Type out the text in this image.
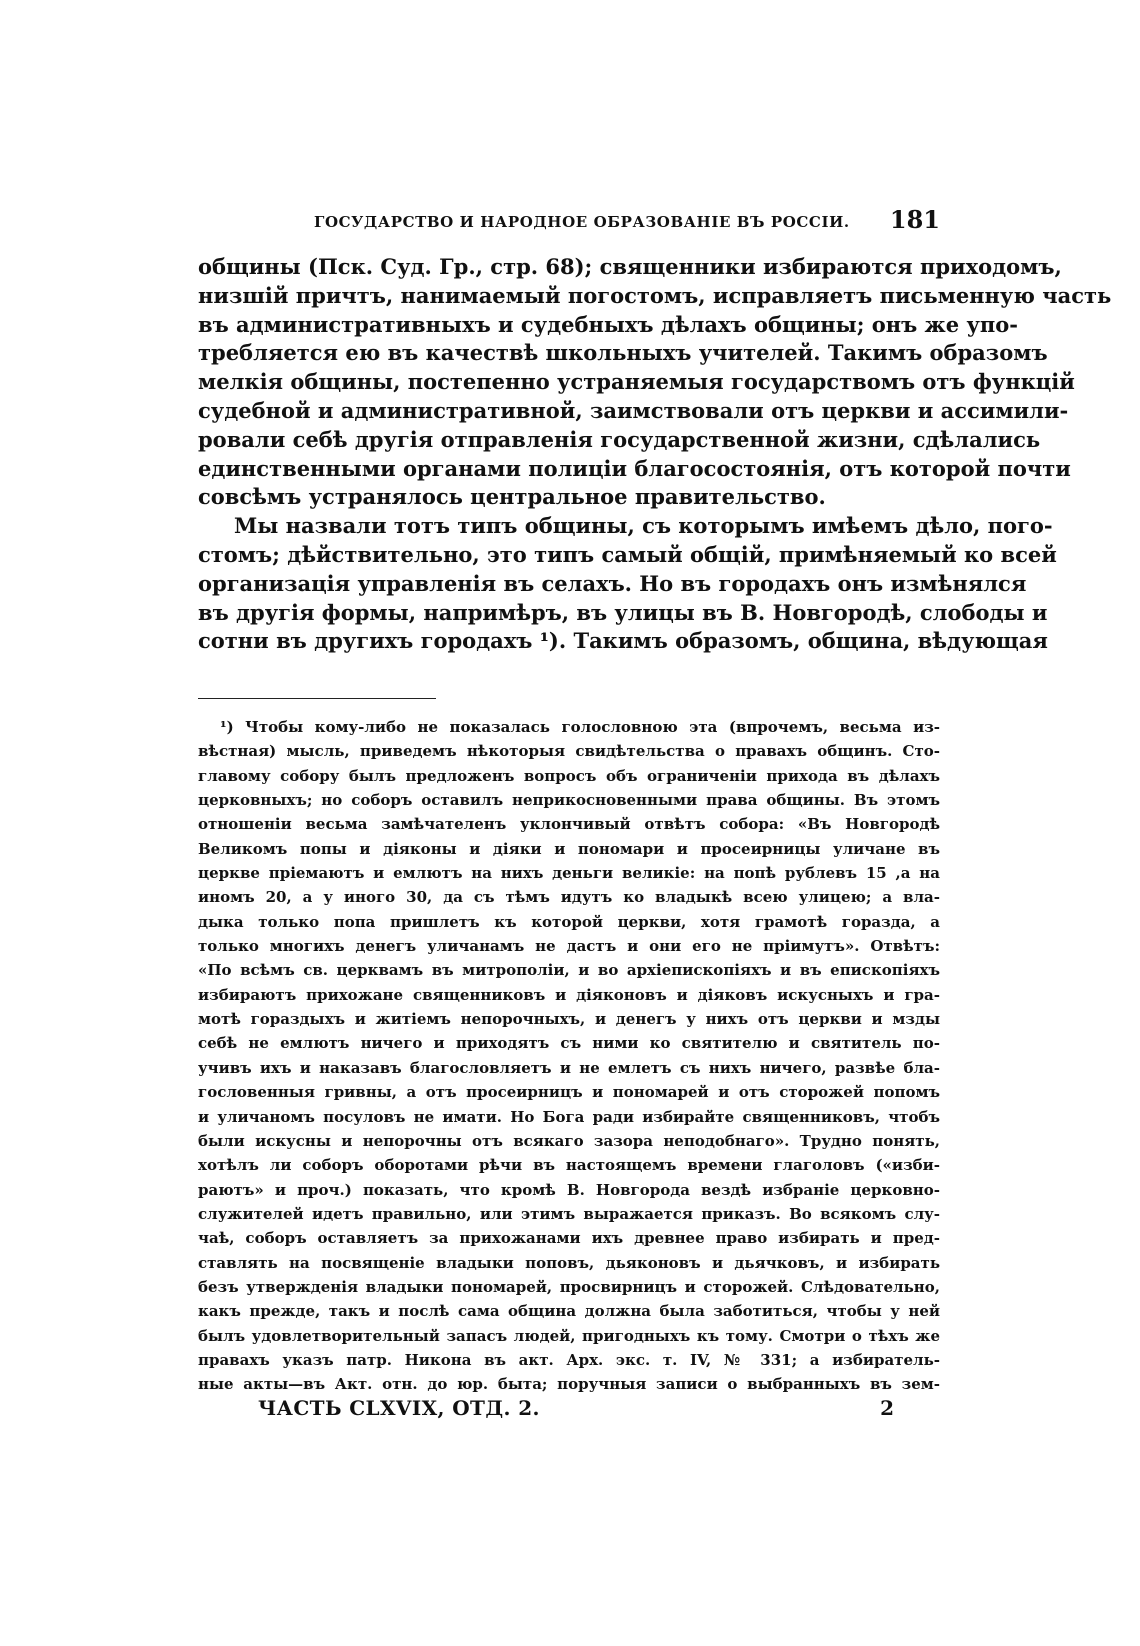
ГОСУДАРСТВО И НАРОДНОЕ ОБРАЗОВАНІЕ ВЪ РОССІИ. 181
общины (Пск. Суд. Гр., стр. 68); священники избираются приходомъ,
низшій причтъ, нанимаемый погостомъ, исправляетъ письменную часть
въ административныхъ и судебныхъ дѣлахъ общины; онъ же упо-
требляется ею въ качествѣ школьныхъ учителей. Такимъ образомъ
мелкія общины, постепенно устраняемыя государствомъ отъ функцій
судебной и административной, заимствовали отъ церкви и ассимили-
ровали себѣ другія отправленія государственной жизни, сдѣлались
единственными органами полиціи благосостоянія, отъ которой почти
совсѣмъ устранялось центральное правительство.
Мы назвали тотъ типъ общины, съ которымъ имѣемъ дѣло, пого-
стомъ; дѣйствительно, это типъ самый общій, примѣняемый ко всей
организація управленія въ селахъ. Но въ городахъ онъ измѣнялся
въ другія формы, напримѣръ, въ улицы въ В. Новгородѣ, слободы и
сотни въ другихъ городахъ ¹). Такимъ образомъ, община, вѣдующая
¹) Чтобы кому-либо не показалась голословною эта (впрочемъ, весьма из-
вѣстная) мысль, приведемъ нѣкоторыя свидѣтельства о правахъ общинъ. Сто-
главому собору былъ предложенъ вопросъ объ ограниченіи прихода въ дѣлахъ
церковныхъ; но соборъ оставилъ неприкосновенными права общины. Въ этомъ
отношеніи весьма замѣчателенъ уклончивый отвѣтъ собора: «Въ Новгородѣ
Великомъ попы и діяконы и діяки и пономари и просеирницы уличане въ
церкве пріемаютъ и емлютъ на нихъ деньги великіе: на попѣ рублевъ 15 ,а на
иномъ 20, а у иного 30, да съ тѣмъ идутъ ко владыкѣ всею улицею; а вла-
дыка только попа пришлетъ къ которой церкви, хотя грамотѣ горазда, а
только многихъ денегъ уличанамъ не дастъ и они его не пріимутъ». Отвѣтъ:
«По всѣмъ св. церквамъ въ митрополіи, и во архіепископіяхъ и въ епископіяхъ
избираютъ прихожане священниковъ и діяконовъ и діяковъ искусныхъ и гра-
мотѣ гораздыхъ и житіемъ непорочныхъ, и денегъ у нихъ отъ церкви и мзды
себѣ не емлютъ ничего и приходятъ съ ними ко святителю и святитель по-
учивъ ихъ и наказавъ благословляетъ и не емлетъ съ нихъ ничего, развѣе бла-
гословенныя гривны, а отъ просеирницъ и пономарей и отъ сторожей попомъ
и уличаномъ посуловъ не имати. Но Бога ради избирайте священниковъ, чтобъ
были искусны и непорочны отъ всякаго зазора неподобнаго». Трудно понять,
хотѣлъ ли соборъ оборотами рѣчи въ настоящемъ времени глаголовъ («изби-
раютъ» и проч.) показать, что кромѣ В. Новгорода вездѣ избраніе церковно-
служителей идетъ правильно, или этимъ выражается приказъ. Во всякомъ слу-
чаѣ, соборъ оставляетъ за прихожанами ихъ древнее право избирать и пред-
ставлять на посвященіе владыки поповъ, дьяконовъ и дьячковъ, и избирать
безъ утвержденія владыки пономарей, просвирницъ и сторожей. Слѣдовательно,
какъ прежде, такъ и послѣ сама община должна была заботиться, чтобы у ней
былъ удовлетворительный запасъ людей, пригодныхъ къ тому. Смотри о тѣхъ же
правахъ указъ патр. Никона въ акт. Арх. экс. т. IV, № 331; а избиратель-
ные акты—въ Акт. отн. до юр. быта; поручныя записи о выбранныхъ въ зем-
ЧАСТЬ CLXVIX, ОТД. 2.	2
